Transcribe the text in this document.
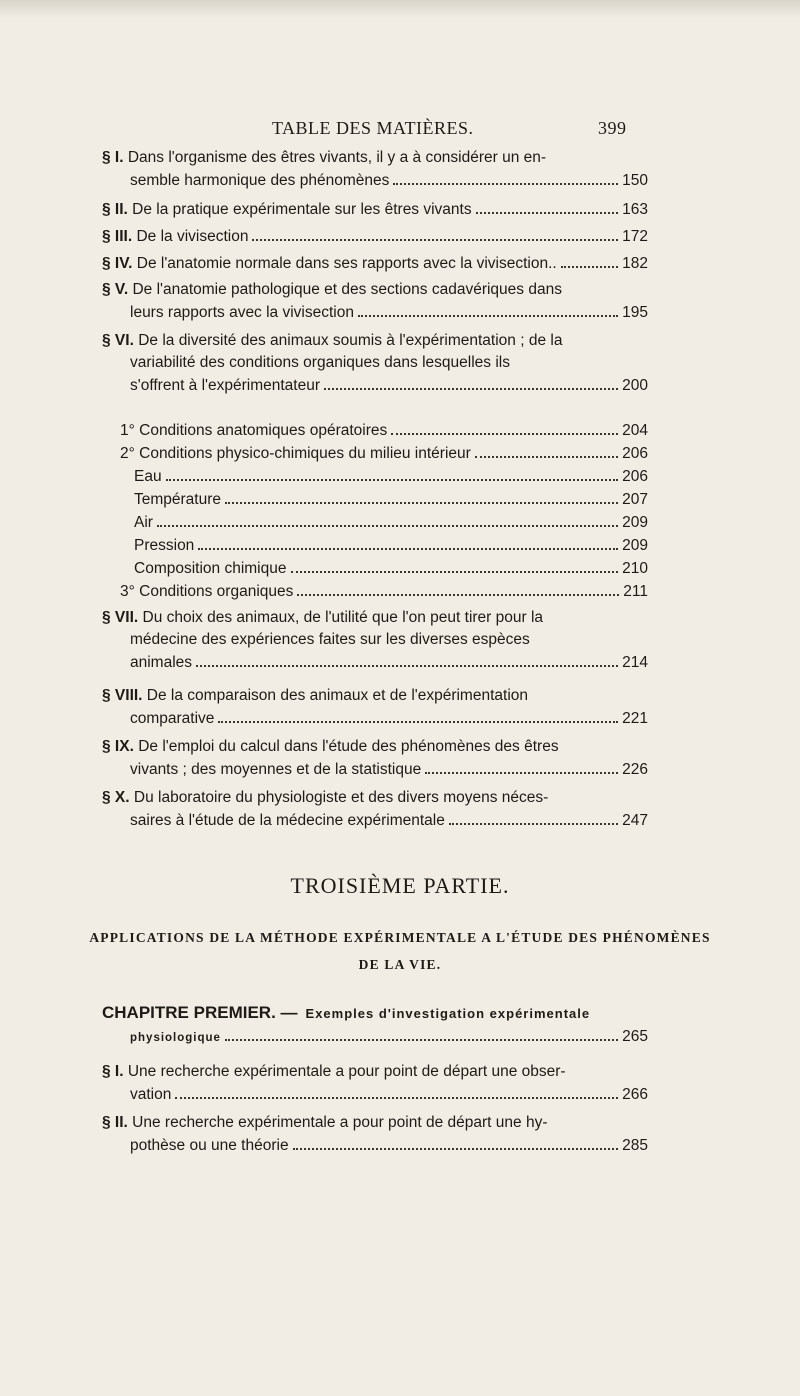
TABLE DES MATIÈRES.	399
§ I. Dans l'organisme des êtres vivants, il y a à considérer un en-
semble harmonique des phénomènes	150
§ II. De la pratique expérimentale sur les êtres vivants	163
§ III. De la vivisection	172
§ IV. De l'anatomie normale dans ses rapports avec la vivisection..	182
§ V. De l'anatomie pathologique et des sections cadavériques dans
leurs rapports avec la vivisection	195
§ VI. De la diversité des animaux soumis à l'expérimentation ; de la
variabilité des conditions organiques dans lesquelles ils
s'offrent à l'expérimentateur	200
1° Conditions anatomiques opératoires	204
2° Conditions physico-chimiques du milieu intérieur	206
Eau	206
Température	207
Air	209
Pression	209
Composition chimique	210
3° Conditions organiques	211
§ VII. Du choix des animaux, de l'utilité que l'on peut tirer pour la
médecine des expériences faites sur les diverses espèces
animales	214
§ VIII. De la comparaison des animaux et de l'expérimentation
comparative	221
§ IX. De l'emploi du calcul dans l'étude des phénomènes des êtres
vivants ; des moyennes et de la statistique	226
§ X. Du laboratoire du physiologiste et des divers moyens néces-
saires à l'étude de la médecine expérimentale	247
TROISIÈME PARTIE.
APPLICATIONS DE LA MÉTHODE EXPÉRIMENTALE A L'ÉTUDE DES PHÉNOMÈNES
DE LA VIE.
CHAPITRE PREMIER. — Exemples d'investigation expérimentale
physiologique	265
§ I. Une recherche expérimentale a pour point de départ une obser-
vation	266
§ II. Une recherche expérimentale a pour point de départ une hy-
pothèse ou une théorie	285
